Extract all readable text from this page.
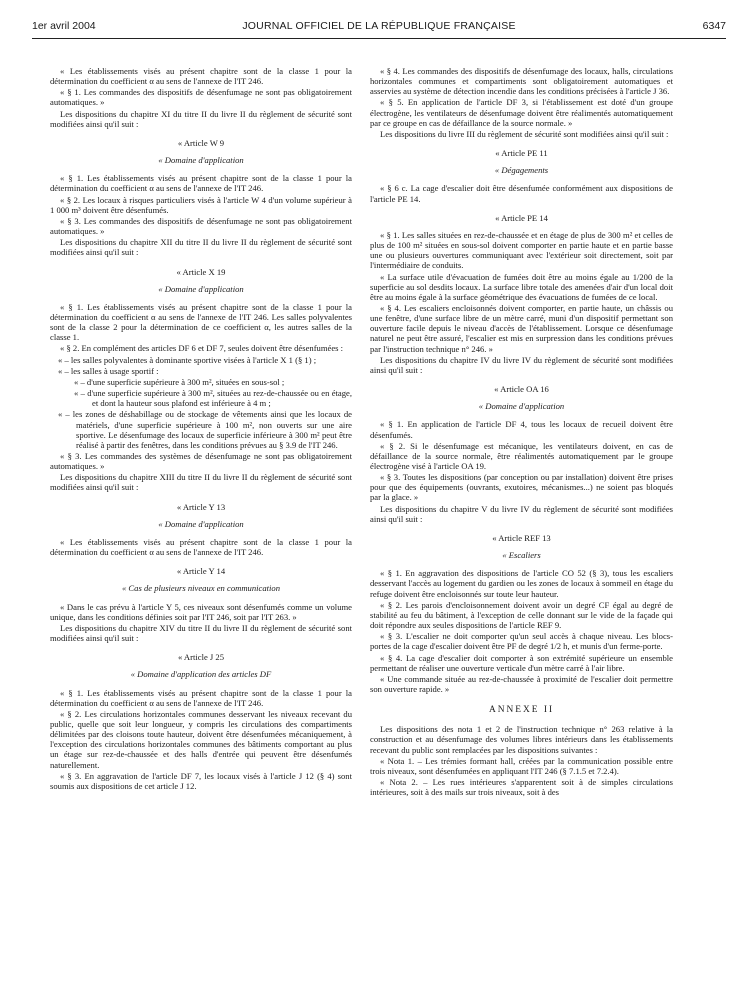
1er avril 2004	JOURNAL OFFICIEL DE LA RÉPUBLIQUE FRANÇAISE	6347

« Les établissements visés au présent chapitre sont de la classe 1 pour la détermination du coefficient α au sens de l'annexe de l'IT 246.

« § 1. Les commandes des dispositifs de désenfumage ne sont pas obligatoirement automatiques. »

Les dispositions du chapitre XI du titre II du livre II du règlement de sécurité sont modifiées ainsi qu'il suit :

« Article W 9
« Domaine d'application

« § 1. Les établissements visés au présent chapitre sont de la classe 1 pour la détermination du coefficient α au sens de l'annexe de l'IT 246.

« § 2. Les locaux à risques particuliers visés à l'article W 4 d'un volume supérieur à 1 000 m³ doivent être désenfumés.

« § 3. Les commandes des dispositifs de désenfumage ne sont pas obligatoirement automatiques. »

Les dispositions du chapitre XII du titre II du livre II du règlement de sécurité sont modifiées ainsi qu'il suit :

« Article X 19
« Domaine d'application

« § 1. Les établissements visés au présent chapitre sont de la classe 1 pour la détermination du coefficient α au sens de l'annexe de l'IT 246. Les salles polyvalentes sont de la classe 2 pour la détermination de ce coefficient α, les autres salles de la classe 1.

« § 2. En complément des articles DF 6 et DF 7, seules doivent être désenfumées :

« – les salles polyvalentes à dominante sportive visées à l'article X 1 (§ 1) ;

« – les salles à usage sportif :

« – d'une superficie supérieure à 300 m², situées en sous-sol ;

« – d'une superficie supérieure à 300 m², situées au rez-de-chaussée ou en étage, et dont la hauteur sous plafond est inférieure à 4 m ;

« – les zones de déshabillage ou de stockage de vêtements ainsi que les locaux de matériels, d'une superficie supérieure à 100 m², non ouverts sur une aire sportive. Le désenfumage des locaux de superficie inférieure à 300 m² peut être réalisé à partir des fenêtres, dans les conditions prévues au § 3.9 de l'IT 246.

« § 3. Les commandes des systèmes de désenfumage ne sont pas obligatoirement automatiques. »

Les dispositions du chapitre XIII du titre II du livre II du règlement de sécurité sont modifiées ainsi qu'il suit :

« Article Y 13
« Domaine d'application

« Les établissements visés au présent chapitre sont de la classe 1 pour la détermination du coefficient α au sens de l'annexe de l'IT 246.

« Article Y 14
« Cas de plusieurs niveaux en communication

« Dans le cas prévu à l'article Y 5, ces niveaux sont désenfumés comme un volume unique, dans les conditions définies soit par l'IT 246, soit par l'IT 263. »

Les dispositions du chapitre XIV du titre II du livre II du règlement de sécurité sont modifiées ainsi qu'il suit :

« Article J 25
« Domaine d'application des articles DF

« § 1. Les établissements visés au présent chapitre sont de la classe 1 pour la détermination du coefficient α au sens de l'annexe de l'IT 246.

« § 2. Les circulations horizontales communes desservant les niveaux recevant du public, quelle que soit leur longueur, y compris les circulations des compartiments délimitées par des cloisons toute hauteur, doivent être désenfumées mécaniquement, à l'exception des circulations horizontales communes des bâtiments comportant au plus un étage sur rez-de-chaussée et des halls d'entrée qui peuvent être désenfumés naturellement.

« § 3. En aggravation de l'article DF 7, les locaux visés à l'article J 12 (§ 4) sont soumis aux dispositions de cet article J 12.

« § 4. Les commandes des dispositifs de désenfumage des locaux, halls, circulations horizontales communes et compartiments sont obligatoirement automatiques et asservies au système de détection incendie dans les conditions précisées à l'article J 36.

« § 5. En application de l'article DF 3, si l'établissement est doté d'un groupe électrogène, les ventilateurs de désenfumage doivent être réalimentés automatiquement par ce groupe en cas de défaillance de la source normale. »

Les dispositions du livre III du règlement de sécurité sont modifiées ainsi qu'il suit :

« Article PE 11
« Dégagements

« § 6 c. La cage d'escalier doit être désenfumée conformément aux dispositions de l'article PE 14.

« Article PE 14

« § 1. Les salles situées en rez-de-chaussée et en étage de plus de 300 m² et celles de plus de 100 m² situées en sous-sol doivent comporter en partie haute et en partie basse une ou plusieurs ouvertures communiquant avec l'extérieur soit directement, soit par l'intermédiaire de conduits.

« La surface utile d'évacuation de fumées doit être au moins égale au 1/200 de la superficie au sol desdits locaux. La surface libre totale des amenées d'air d'un local doit être au moins égale à la surface géométrique des évacuations de fumées de ce local.

« § 4. Les escaliers encloisonnés doivent comporter, en partie haute, un châssis ou une fenêtre, d'une surface libre de un mètre carré, muni d'un dispositif permettant son ouverture facile depuis le niveau d'accès de l'établissement. Lorsque ce désenfumage naturel ne peut être assuré, l'escalier est mis en surpression dans les conditions prévues par l'instruction technique n° 246. »

Les dispositions du chapitre IV du livre IV du règlement de sécurité sont modifiées ainsi qu'il suit :

« Article OA 16
« Domaine d'application

« § 1. En application de l'article DF 4, tous les locaux de recueil doivent être désenfumés.

« § 2. Si le désenfumage est mécanique, les ventilateurs doivent, en cas de défaillance de la source normale, être réalimentés automatiquement par le groupe électrogène visé à l'article OA 19.

« § 3. Toutes les dispositions (par conception ou par installation) doivent être prises pour que des équipements (ouvrants, exutoires, mécanismes...) ne soient pas bloqués par la glace. »

Les dispositions du chapitre V du livre IV du règlement de sécurité sont modifiées ainsi qu'il suit :

« Article REF 13
« Escaliers

« § 1. En aggravation des dispositions de l'article CO 52 (§ 3), tous les escaliers desservant l'accès au logement du gardien ou les zones de locaux à sommeil en étage du refuge doivent être encloisonnés sur toute leur hauteur.

« § 2. Les parois d'encloisonnement doivent avoir un degré CF égal au degré de stabilité au feu du bâtiment, à l'exception de celle donnant sur le vide de la façade qui doit répondre aux seules dispositions de l'article REF 9.

« § 3. L'escalier ne doit comporter qu'un seul accès à chaque niveau. Les blocs-portes de la cage d'escalier doivent être PF de degré 1/2 h, et munis d'un ferme-porte.

« § 4. La cage d'escalier doit comporter à son extrémité supérieure un ensemble permettant de réaliser une ouverture verticale d'un mètre carré à l'air libre.

« Une commande située au rez-de-chaussée à proximité de l'escalier doit permettre son ouverture rapide. »

ANNEXE II

Les dispositions des nota 1 et 2 de l'instruction technique n° 263 relative à la construction et au désenfumage des volumes libres intérieurs dans les établissements recevant du public sont remplacées par les dispositions suivantes :

« Nota 1. – Les trémies formant hall, créées par la communication possible entre trois niveaux, sont désenfumées en appliquant l'IT 246 (§ 7.1.5 et 7.2.4).

« Nota 2. – Les rues intérieures s'apparentent soit à de simples circulations intérieures, soit à des mails sur trois niveaux, soit à des
